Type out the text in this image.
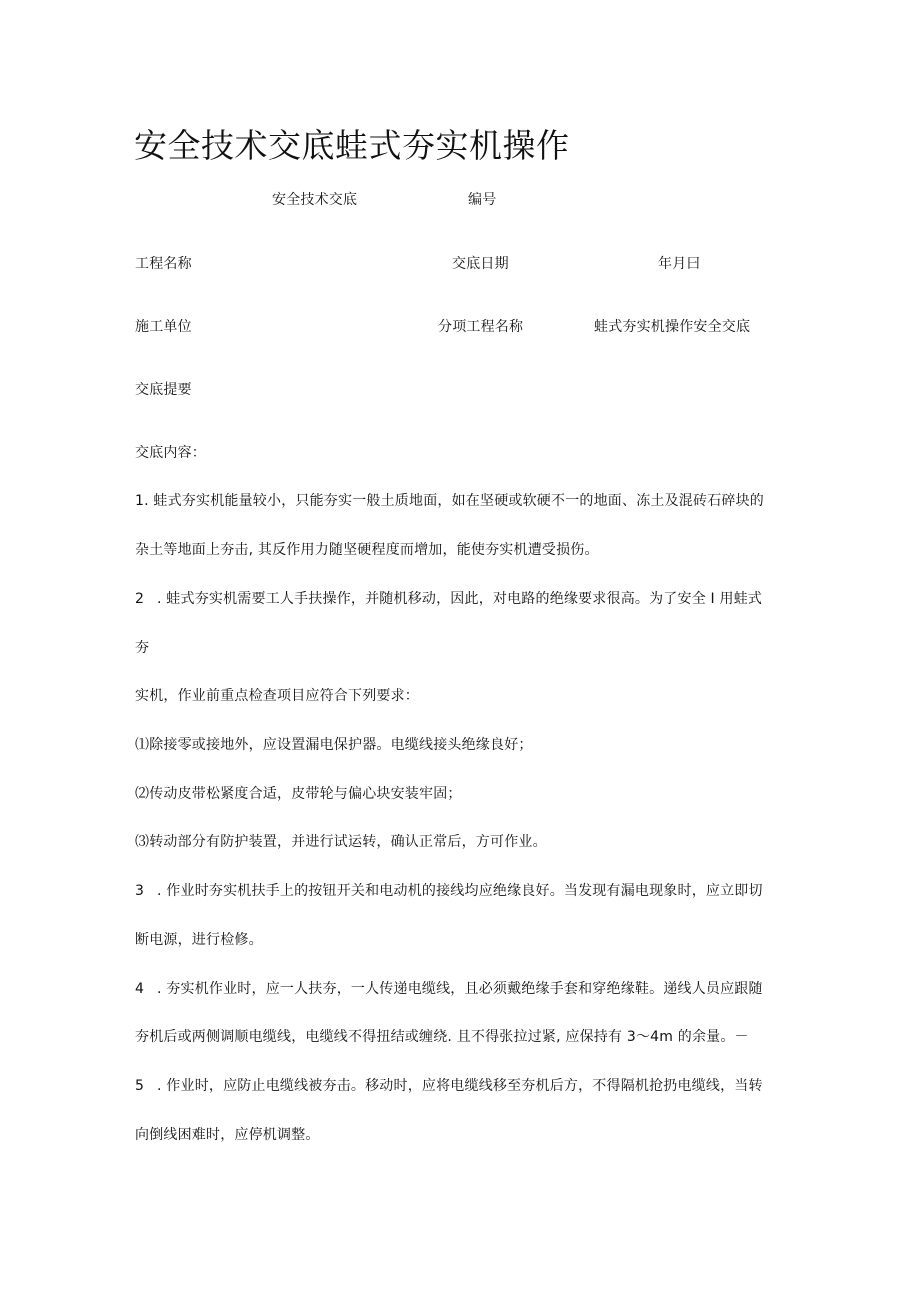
安全技术交底蛙式夯实机操作
安全技术交底	编号
工程名称	交底日期	年月曰
施工单位	分项工程名称	蛙式夯实机操作安全交底
交底提要
交底内容：
1. 蛙式夯实机能量较小，只能夯实一般土质地面，如在坚硬或软硬不一的地面、冻土及混砖石碎块的
杂土等地面上夯击, 其反作用力随坚硬程度而增加，能使夯实机遭受损伤。
2 . 蛙式夯实机需要工人手扶操作，并随机移动，因此，对电路的绝缘要求很高。为了安全 I 用蛙式
夯
实机，作业前重点检查项目应符合下列要求：
⑴除接零或接地外，应设置漏电保护器。电缆线接头绝缘良好；
⑵传动皮带松紧度合适，皮带轮与偏心块安装牢固；
⑶转动部分有防护装置，并进行试运转，确认正常后，方可作业。
3 . 作业时夯实机扶手上的按钮开关和电动机的接线均应绝缘良好。当发现有漏电现象时，应立即切
断电源，进行检修。
4 . 夯实机作业时，应一人扶夯，一人传递电缆线，且必须戴绝缘手套和穿绝缘鞋。递线人员应跟随
夯机后或两侧调顺电缆线，电缆线不得扭结或缠绕. 且不得张拉过紧, 应保持有 3～4m 的余量。－
5 . 作业时，应防止电缆线被夯击。移动时，应将电缆线移至夯机后方，不得隔机抢扔电缆线，当转
向倒线困难时，应停机调整。
